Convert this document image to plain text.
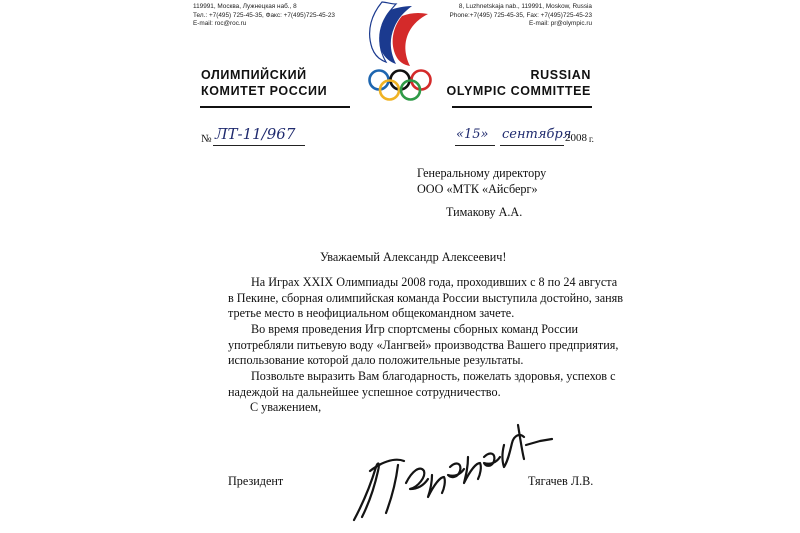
119991, Москва, Лужнецкая наб., 8
Тел.: +7(495) 725-45-35, Факс: +7(495)725-45-23
E-mail: roc@roc.ru
8, Luzhnetskaja nab., 119991, Moskow, Russia
Phone:+7(495) 725-45-35, Fax: +7(495)725-45-23
E-mail: pr@olympic.ru
ОЛИМПИЙСКИЙ
КОМИТЕТ РОССИИ
RUSSIAN
OLYMPIC COMMITTEE
№ ЛТ-11/967	«15» сентября
2008 г.
Генеральному директору
ООО «МТК «Айсберг»
Тимакову А.А.
Уважаемый Александр Алексеевич!
На Играх XXIX Олимпиады 2008 года, проходивших с 8 по 24 августа
в Пекине, сборная олимпийская команда России выступила достойно, заняв
третье место в неофициальном общекомандном зачете.
Во время проведения Игр спортсмены сборных команд России
употребляли питьевую воду «Лангвей» производства Вашего предприятия,
использование которой дало положительные результаты.
Позвольте выразить Вам благодарность, пожелать здоровья, успехов с
надеждой на дальнейшее успешное сотрудничество.
С уважением,
Президент	Тягачев Л.В.
